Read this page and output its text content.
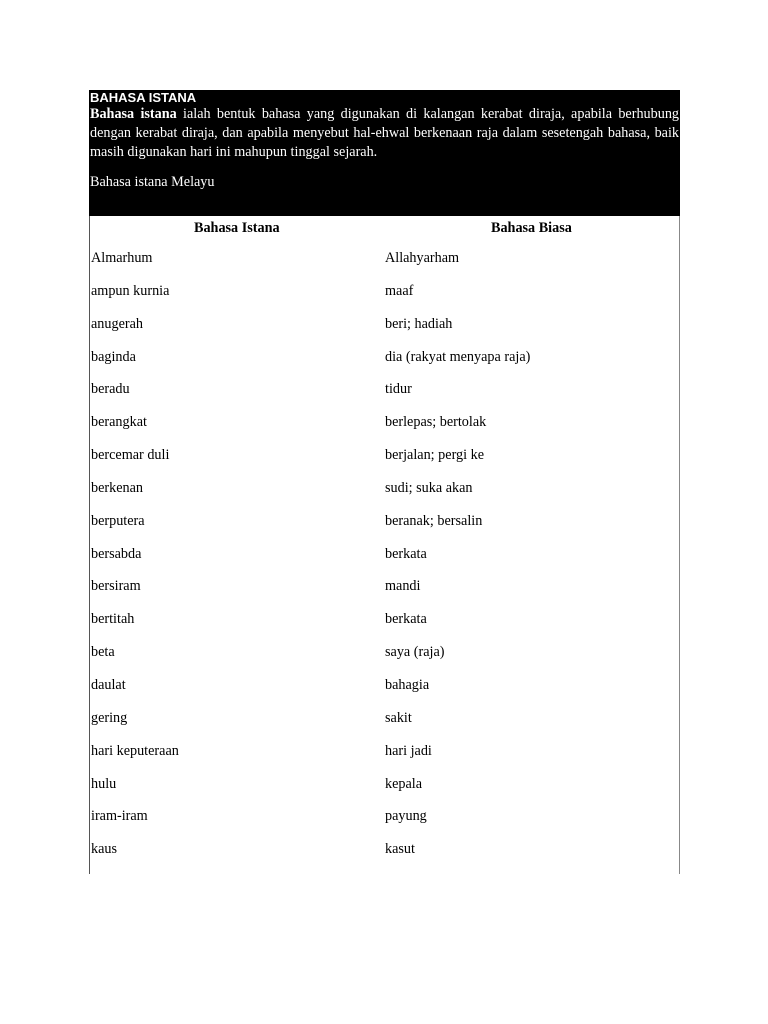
BAHASA ISTANA

Bahasa istana ialah bentuk bahasa yang digunakan di kalangan kerabat diraja, apabila berhubung dengan kerabat diraja, dan apabila menyebut hal-ehwal berkenaan raja dalam sesetengah bahasa, baik masih digunakan hari ini mahupun tinggal sejarah.

Bahasa istana Melayu
Bahasa Istana	Bahasa Biasa
Almarhum	Allahyarham
ampun kurnia	maaf
anugerah	beri; hadiah
baginda	dia (rakyat menyapa raja)
beradu	tidur
berangkat	berlepas; bertolak
bercemar duli	berjalan; pergi ke
berkenan	sudi; suka akan
berputera	beranak; bersalin
bersabda	berkata
bersiram	mandi
bertitah	berkata
beta	saya (raja)
daulat	bahagia
gering	sakit
hari keputeraan	hari jadi
hulu	kepala
iram-iram	payung
kaus	kasut
